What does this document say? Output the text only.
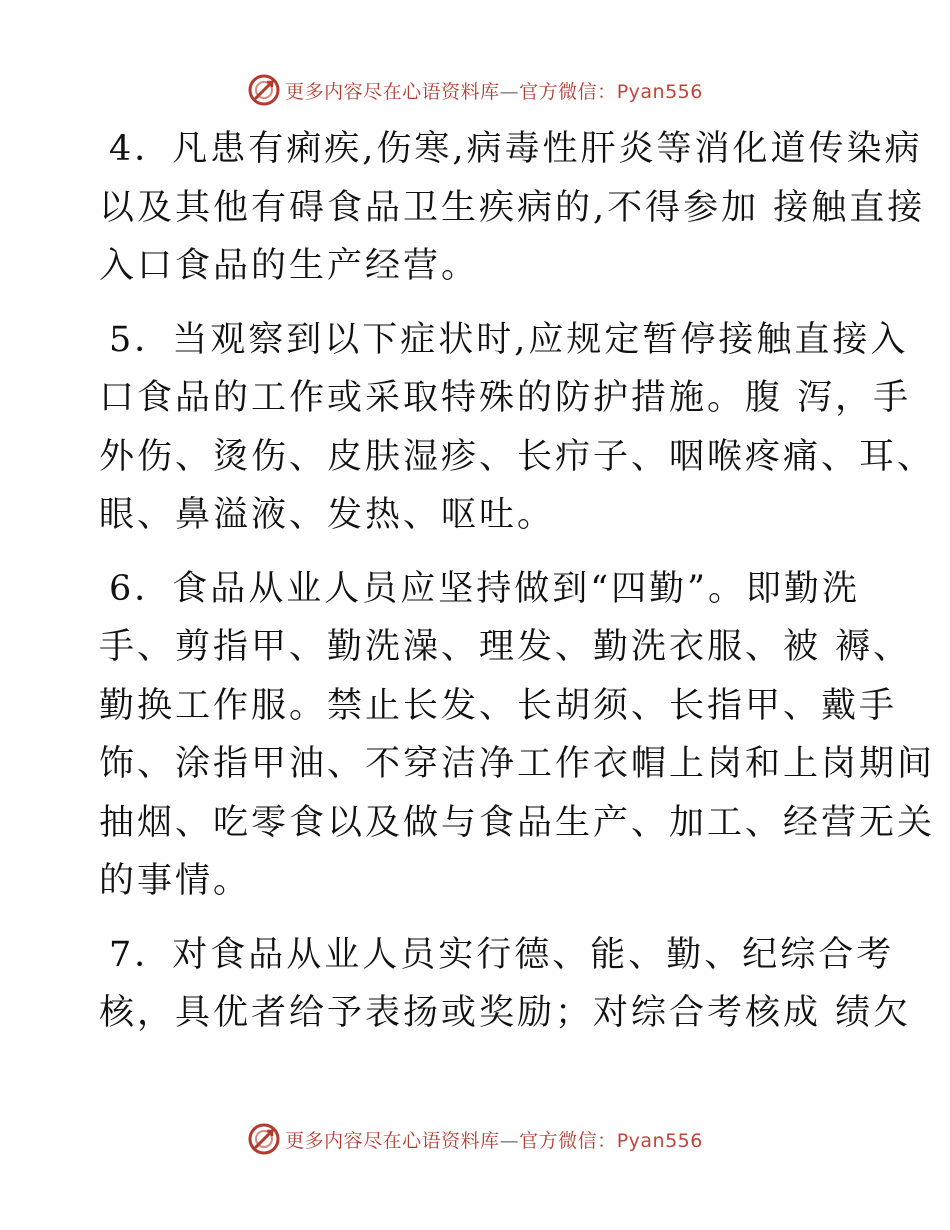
更多内容尽在心语资料库—官方微信：Pyan556

4．凡患有痢疾,伤寒,病毒性肝炎等消化道传染病
以及其他有碍食品卫生疾病的,不得参加 接触直接
入口食品的生产经营。

5．当观察到以下症状时,应规定暂停接触直接入
口食品的工作或采取特殊的防护措施。腹 泻，手
外伤、烫伤、皮肤湿疹、长疖子、咽喉疼痛、耳、
眼、鼻溢液、发热、呕吐。

6．食品从业人员应坚持做到“四勤”。即勤洗
手、剪指甲、勤洗澡、理发、勤洗衣服、被 褥、
勤换工作服。禁止长发、长胡须、长指甲、戴手
饰、涂指甲油、不穿洁净工作衣帽上岗和上岗期间
抽烟、吃零食以及做与食品生产、加工、经营无关
的事情。

7．对食品从业人员实行德、能、勤、纪综合考
核，具优者给予表扬或奖励；对综合考核成 绩欠

更多内容尽在心语资料库—官方微信：Pyan556
